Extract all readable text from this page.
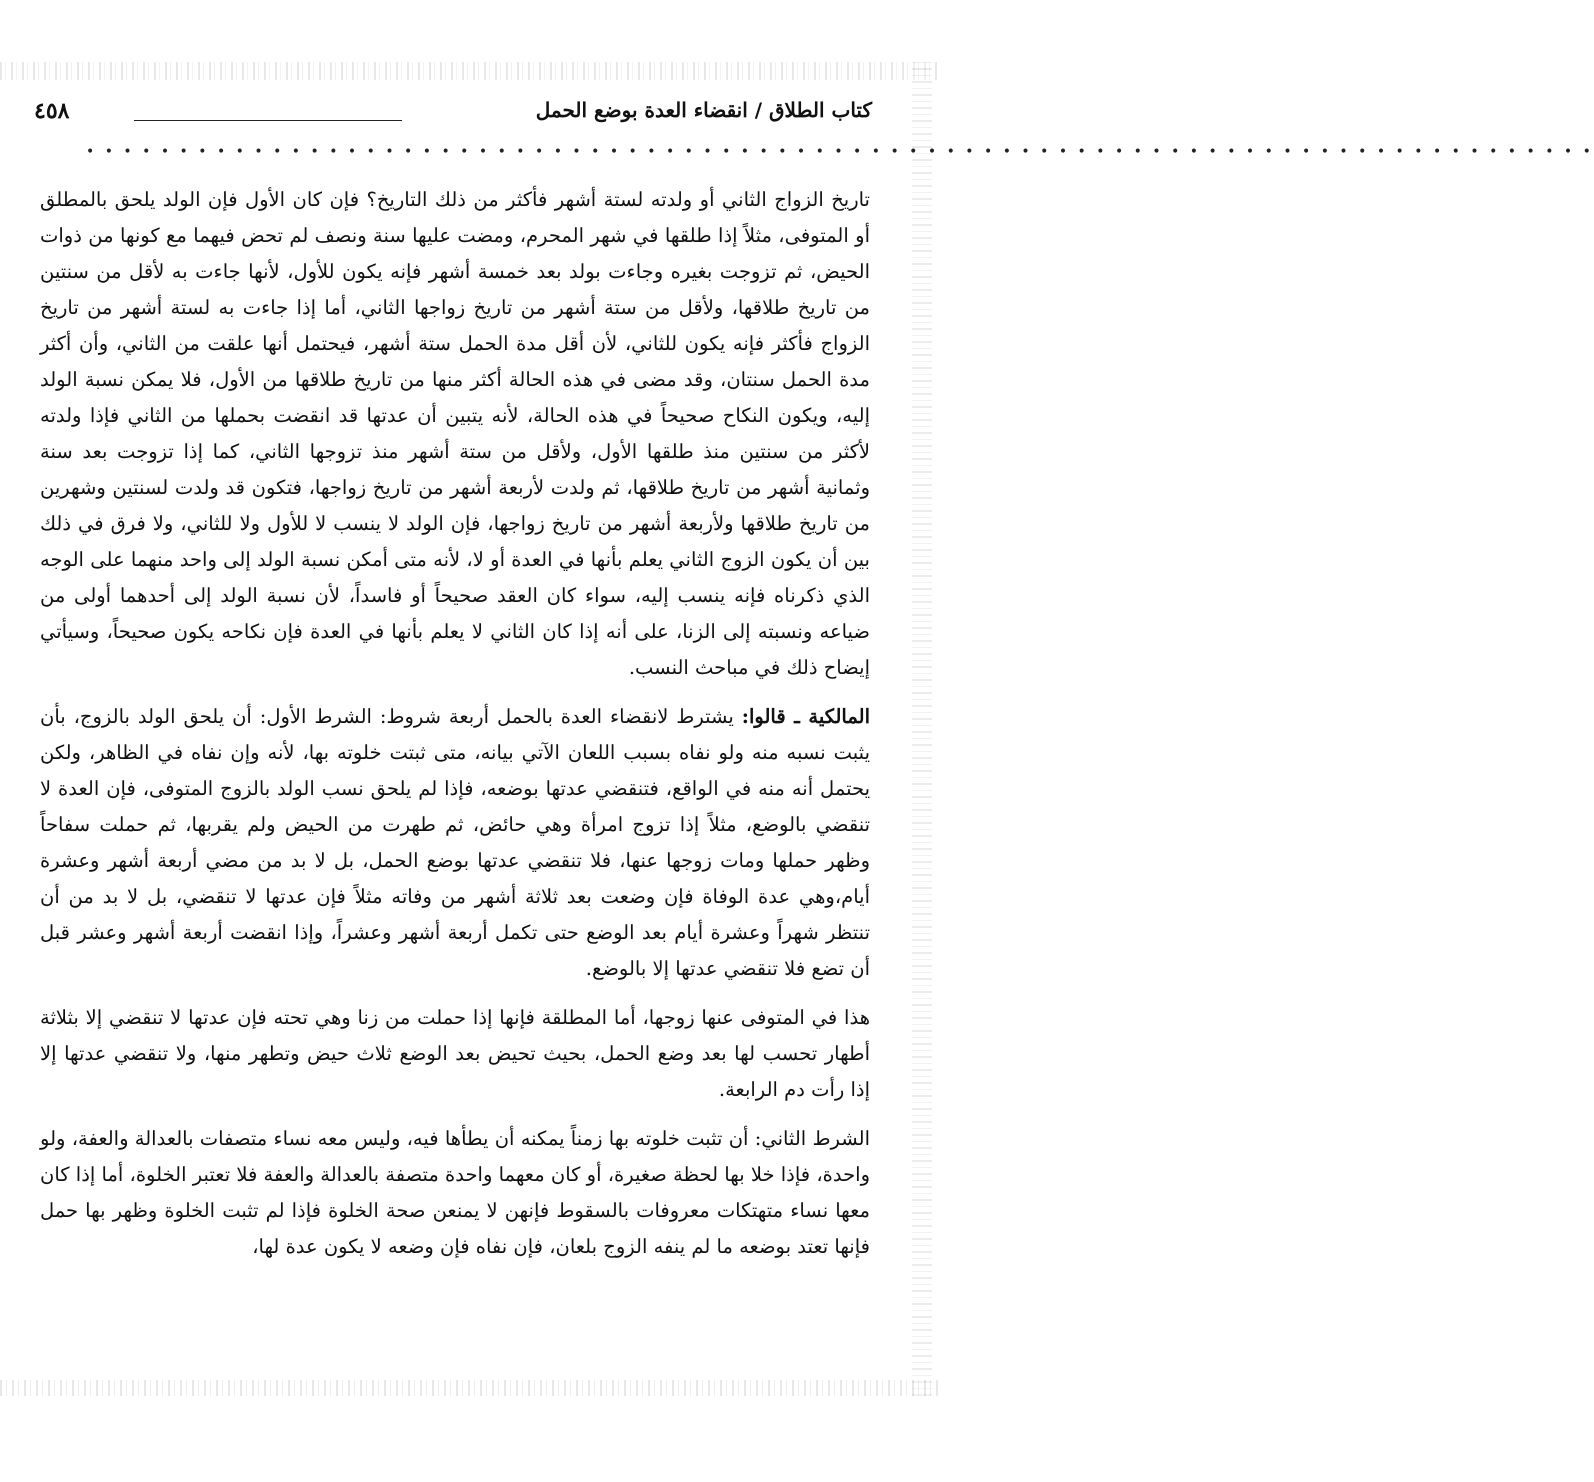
كتاب الطلاق / انقضاء العدة بوضع الحمل
٤٥٨
• • • • • • • • • • • • • • • • • • • • • • • • • • • • • • • • • • • • • • • • • • • • • • • • • • • • • • • • • • • • • • • • • • • • • • • • • • • • • • • • •

تاريخ الزواج الثاني أو ولدته لستة أشهر فأكثر من ذلك التاريخ؟ فإن كان الأول فإن الولد يلحق بالمطلق أو المتوفى، مثلاً إذا طلقها في شهر المحرم، ومضت عليها سنة ونصف لم تحض فيهما مع كونها من ذوات الحيض، ثم تزوجت بغيره وجاءت بولد بعد خمسة أشهر فإنه يكون للأول، لأنها جاءت به لأقل من سنتين من تاريخ طلاقها، ولأقل من ستة أشهر من تاريخ زواجها الثاني، أما إذا جاءت به لستة أشهر من تاريخ الزواج فأكثر فإنه يكون للثاني، لأن أقل مدة الحمل ستة أشهر، فيحتمل أنها علقت من الثاني، وأن أكثر مدة الحمل سنتان، وقد مضى في هذه الحالة أكثر منها من تاريخ طلاقها من الأول، فلا يمكن نسبة الولد إليه، ويكون النكاح صحيحاً في هذه الحالة، لأنه يتبين أن عدتها قد انقضت بحملها من الثاني فإذا ولدته لأكثر من سنتين منذ طلقها الأول، ولأقل من ستة أشهر منذ تزوجها الثاني، كما إذا تزوجت بعد سنة وثمانية أشهر من تاريخ طلاقها، ثم ولدت لأربعة أشهر من تاريخ زواجها، فتكون قد ولدت لسنتين وشهرين من تاريخ طلاقها ولأربعة أشهر من تاريخ زواجها، فإن الولد لا ينسب لا للأول ولا للثاني، ولا فرق في ذلك بين أن يكون الزوج الثاني يعلم بأنها في العدة أو لا، لأنه متى أمكن نسبة الولد إلى واحد منهما على الوجه الذي ذكرناه فإنه ينسب إليه، سواء كان العقد صحيحاً أو فاسداً، لأن نسبة الولد إلى أحدهما أولى من ضياعه ونسبته إلى الزنا، على أنه إذا كان الثاني لا يعلم بأنها في العدة فإن نكاحه يكون صحيحاً، وسيأتي إيضاح ذلك في مباحث النسب.

المالكية ـ قالوا: يشترط لانقضاء العدة بالحمل أربعة شروط: الشرط الأول: أن يلحق الولد بالزوج، بأن يثبت نسبه منه ولو نفاه بسبب اللعان الآتي بيانه، متى ثبتت خلوته بها، لأنه وإن نفاه في الظاهر، ولكن يحتمل أنه منه في الواقع، فتنقضي عدتها بوضعه، فإذا لم يلحق نسب الولد بالزوج المتوفى، فإن العدة لا تنقضي بالوضع، مثلاً إذا تزوج امرأة وهي حائض، ثم طهرت من الحيض ولم يقربها، ثم حملت سفاحاً وظهر حملها ومات زوجها عنها، فلا تنقضي عدتها بوضع الحمل، بل لا بد من مضي أربعة أشهر وعشرة أيام،وهي عدة الوفاة فإن وضعت بعد ثلاثة أشهر من وفاته مثلاً فإن عدتها لا تنقضي، بل لا بد من أن تنتظر شهراً وعشرة أيام بعد الوضع حتى تكمل أربعة أشهر وعشراً، وإذا انقضت أربعة أشهر وعشر قبل أن تضع فلا تنقضي عدتها إلا بالوضع.

هذا في المتوفى عنها زوجها، أما المطلقة فإنها إذا حملت من زنا وهي تحته فإن عدتها لا تنقضي إلا بثلاثة أطهار تحسب لها بعد وضع الحمل، بحيث تحيض بعد الوضع ثلاث حيض وتطهر منها، ولا تنقضي عدتها إلا إذا رأت دم الرابعة.

الشرط الثاني: أن تثبت خلوته بها زمناً يمكنه أن يطأها فيه، وليس معه نساء متصفات بالعدالة والعفة، ولو واحدة، فإذا خلا بها لحظة صغيرة، أو كان معهما واحدة متصفة بالعدالة والعفة فلا تعتبر الخلوة، أما إذا كان معها نساء متهتكات معروفات بالسقوط فإنهن لا يمنعن صحة الخلوة فإذا لم تثبت الخلوة وظهر بها حمل فإنها تعتد بوضعه ما لم ينفه الزوج بلعان، فإن نفاه فإن وضعه لا يكون عدة لها،
